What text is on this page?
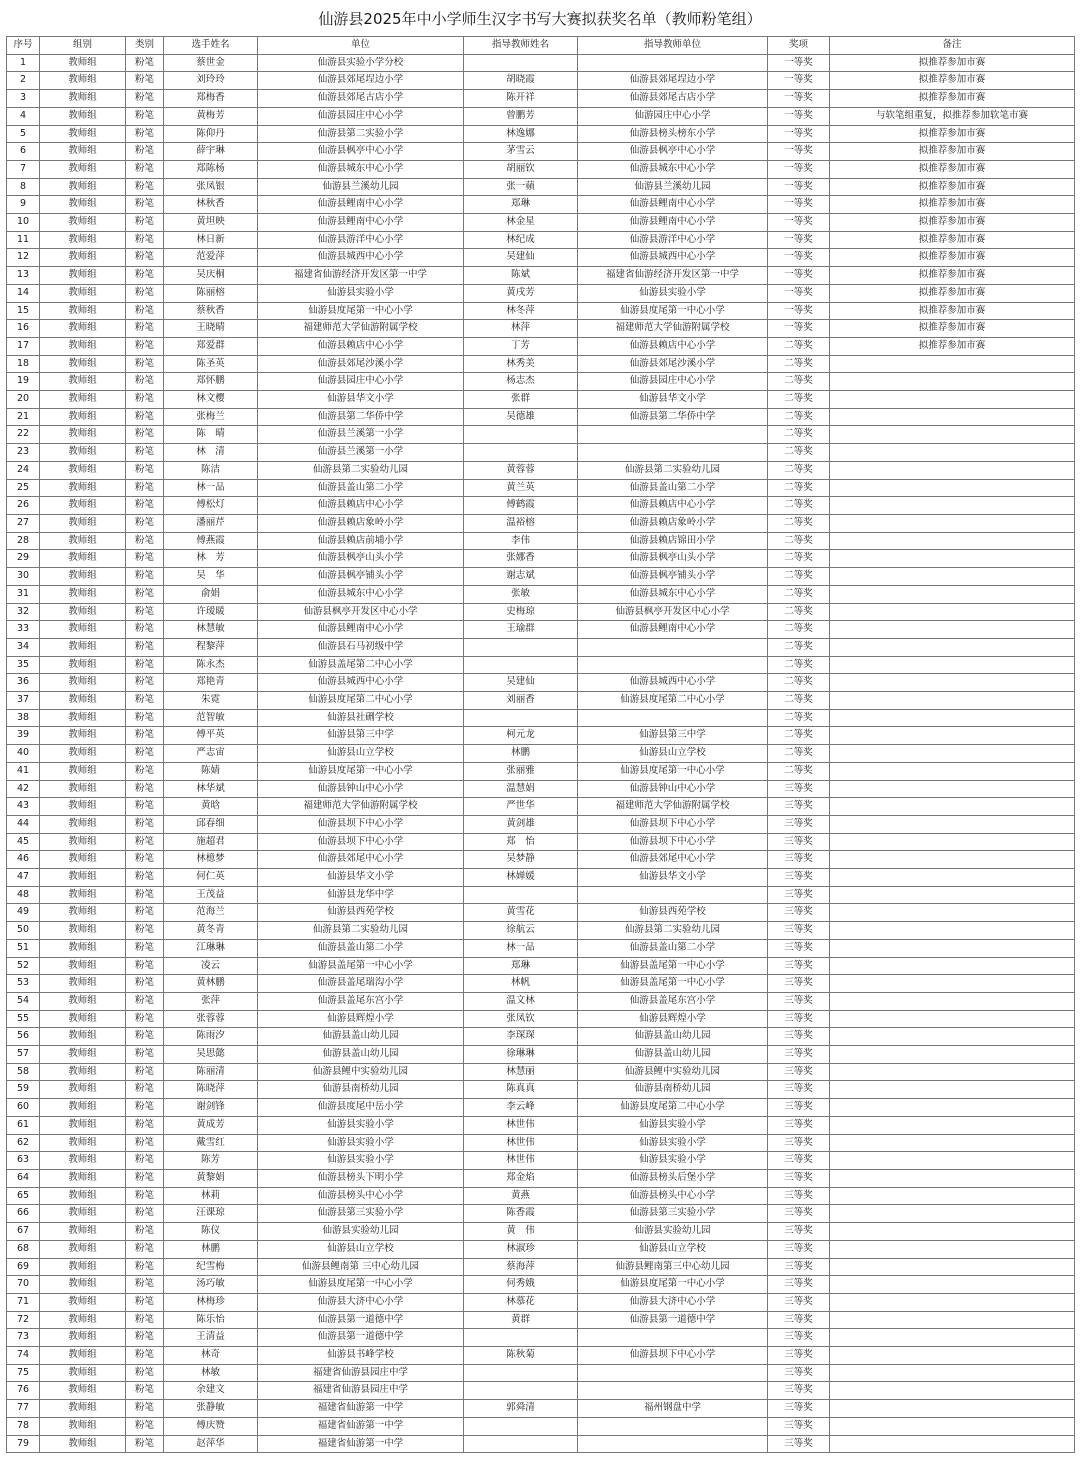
仙游县2025年中小学师生汉字书写大赛拟获奖名单（教师粉笔组）
序号	组别	类别	选手姓名	单位	指导教师姓名	指导教师单位	奖项	备注
1	教师组	粉笔	蔡世金	仙游县实验小学分校			一等奖	拟推荐参加市赛
2	教师组	粉笔	刘玲玲	仙游县郊尾埕边小学	胡晓霞	仙游县郊尾埕边小学	一等奖	拟推荐参加市赛
3	教师组	粉笔	郑梅香	仙游县郊尾古店小学	陈开祥	仙游县郊尾古店小学	一等奖	拟推荐参加市赛
4	教师组	粉笔	黄梅芳	仙游县园庄中心小学	曾鹏芳	仙游园庄中心小学	一等奖	与软笔组重复，拟推荐参加软笔市赛
5	教师组	粉笔	陈仰丹	仙游县第二实验小学	林逸娜	仙游县榜头榜东小学	一等奖	拟推荐参加市赛
6	教师组	粉笔	薛宇琳	仙游县枫亭中心小学	茅雪云	仙游县枫亭中心小学	一等奖	拟推荐参加市赛
7	教师组	粉笔	郑陈杨	仙游县城东中心小学	胡丽钦	仙游县城东中心小学	一等奖	拟推荐参加市赛
8	教师组	粉笔	张凤银	仙游县兰溪幼儿园	张一蘋	仙游县兰溪幼儿园	一等奖	拟推荐参加市赛
9	教师组	粉笔	林秋香	仙游县鲤南中心小学	郑琳	仙游县鲤南中心小学	一等奖	拟推荐参加市赛
10	教师组	粉笔	黄坦映	仙游县鲤南中心小学	林金星	仙游县鲤南中心小学	一等奖	拟推荐参加市赛
11	教师组	粉笔	林日新	仙游县游洋中心小学	林纪成	仙游县游洋中心小学	一等奖	拟推荐参加市赛
12	教师组	粉笔	范爱萍	仙游县城西中心小学	吴建仙	仙游县城西中心小学	一等奖	拟推荐参加市赛
13	教师组	粉笔	吴庆桐	福建省仙游经济开发区第一中学	陈斌	福建省仙游经济开发区第一中学	一等奖	拟推荐参加市赛
14	教师组	粉笔	陈丽榕	仙游县实验小学	黄戌芳	仙游县实验小学	一等奖	拟推荐参加市赛
15	教师组	粉笔	蔡秋香	仙游县度尾第一中心小学	林冬萍	仙游县度尾第一中心小学	一等奖	拟推荐参加市赛
16	教师组	粉笔	王晓晴	福建师范大学仙游附属学校	林萍	福建师范大学仙游附属学校	一等奖	拟推荐参加市赛
17	教师组	粉笔	郑爱群	仙游县赖店中心小学	丁芳	仙游县赖店中心小学	二等奖	拟推荐参加市赛
18	教师组	粉笔	陈圣英	仙游县郊尾沙溪小学	林秀美	仙游县郊尾沙溪小学	二等奖	
19	教师组	粉笔	郑怀鹏	仙游县园庄中心小学	杨志杰	仙游县园庄中心小学	二等奖	
20	教师组	粉笔	林文樱	仙游县华文小学	张群	仙游县华文小学	二等奖	
21	教师组	粉笔	张梅兰	仙游县第二华侨中学	吴德雄	仙游县第二华侨中学	二等奖	
22	教师组	粉笔	陈　晴	仙游县兰溪第一小学			二等奖	
23	教师组	粉笔	林　清	仙游县兰溪第一小学			二等奖	
24	教师组	粉笔	陈洁	仙游县第二实验幼儿园	黄蓉蓉	仙游县第二实验幼儿园	二等奖	
25	教师组	粉笔	林一品	仙游县盖山第二小学	黄兰英	仙游县盖山第二小学	二等奖	
26	教师组	粉笔	傅松灯	仙游县赖店中心小学	傅鹤霞	仙游县赖店中心小学	二等奖	
27	教师组	粉笔	潘丽芹	仙游县赖店象岭小学	温裕榕	仙游县赖店象岭小学	二等奖	
28	教师组	粉笔	傅燕霞	仙游县赖店前埔小学	李伟	仙游县赖店锦田小学	二等奖	
29	教师组	粉笔	林　芳	仙游县枫亭山头小学	张娜香	仙游县枫亭山头小学	二等奖	
30	教师组	粉笔	吴　华	仙游县枫亭铺头小学	谢志斌	仙游县枫亭铺头小学	二等奖	
31	教师组	粉笔	俞娟	仙游县城东中心小学	张敏	仙游县城东中心小学	二等奖	
32	教师组	粉笔	许瑷暖	仙游县枫亭开发区中心小学	史梅琼	仙游县枫亭开发区中心小学	二等奖	
33	教师组	粉笔	林慧敏	仙游县鲤南中心小学	王瑜群	仙游县鲤南中心小学	二等奖	
34	教师组	粉笔	程黎萍	仙游县石马初级中学			二等奖	
35	教师组	粉笔	陈永杰	仙游县盖尾第二中心小学			二等奖	
36	教师组	粉笔	郑艳青	仙游县城西中心小学	吴建仙	仙游县城西中心小学	二等奖	
37	教师组	粉笔	朱霓	仙游县度尾第二中心小学	刘丽香	仙游县度尾第二中心小学	二等奖	
38	教师组	粉笔	范智敏	仙游县社硎学校			二等奖	
39	教师组	粉笔	傅平英	仙游县第三中学	柯元龙	仙游县第三中学	二等奖	
40	教师组	粉笔	严志宙	仙游县山立学校	林鹏	仙游县山立学校	二等奖	
41	教师组	粉笔	陈婧	仙游县度尾第一中心小学	张丽雅	仙游县度尾第一中心小学	二等奖	
42	教师组	粉笔	林华斌	仙游县钟山中心小学	温慧娟	仙游县钟山中心小学	三等奖	
43	教师组	粉笔	黄晗	福建师范大学仙游附属学校	严世华	福建师范大学仙游附属学校	三等奖	
44	教师组	粉笔	邱春细	仙游县坝下中心小学	黄剑雄	仙游县坝下中心小学	三等奖	
45	教师组	粉笔	施超君	仙游县坝下中心小学	郑　怡	仙游县坝下中心小学	三等奖	
46	教师组	粉笔	林檍梦	仙游县郊尾中心小学	吴梦静	仙游县郊尾中心小学	三等奖	
47	教师组	粉笔	何仁英	仙游县华文小学	林婵媛	仙游县华文小学	三等奖	
48	教师组	粉笔	王茂益	仙游县龙华中学			三等奖	
49	教师组	粉笔	范海兰	仙游县西苑学校	黄雪花	仙游县西苑学校	三等奖	
50	教师组	粉笔	黄冬青	仙游县第二实验幼儿园	徐航云	仙游县第二实验幼儿园	三等奖	
51	教师组	粉笔	江琳琳	仙游县盖山第二小学	林一品	仙游县盖山第二小学	三等奖	
52	教师组	粉笔	凌云	仙游县盖尾第一中心小学	郑琳	仙游县盖尾第一中心小学	三等奖	
53	教师组	粉笔	黄林鹏	仙游县盖尾瑞沟小学	林帆	仙游县盖尾第一中心小学	三等奖	
54	教师组	粉笔	张萍	仙游县盖尾东宫小学	温文林	仙游县盖尾东宫小学	三等奖	
55	教师组	粉笔	张蓉蓉	仙游县辉煌小学	张凤钦	仙游县辉煌小学	三等奖	
56	教师组	粉笔	陈雨汐	仙游县盖山幼儿园	李琛琛	仙游县盖山幼儿园	三等奖	
57	教师组	粉笔	吴思懿	仙游县盖山幼儿园	徐琳琳	仙游县盖山幼儿园	三等奖	
58	教师组	粉笔	陈丽清	仙游县鲤中实验幼儿园	林慧丽	仙游县鲤中实验幼儿园	三等奖	
59	教师组	粉笔	陈晓萍	仙游县南桥幼儿园	陈真真	仙游县南桥幼儿园	三等奖	
60	教师组	粉笔	谢剑锋	仙游县度尾中岳小学	李云峰	仙游县度尾第二中心小学	三等奖	
61	教师组	粉笔	黄成芳	仙游县实验小学	林世伟	仙游县实验小学	三等奖	
62	教师组	粉笔	戴雪红	仙游县实验小学	林世伟	仙游县实验小学	三等奖	
63	教师组	粉笔	陈芳	仙游县实验小学	林世伟	仙游县实验小学	三等奖	
64	教师组	粉笔	黄黎娟	仙游县榜头下明小学	郑金焰	仙游县榜头后堡小学	三等奖	
65	教师组	粉笔	林莉	仙游县榜头中心小学	黄燕	仙游县榜头中心小学	三等奖	
66	教师组	粉笔	汪课琼	仙游县第三实验小学	陈香霞	仙游县第三实验小学	三等奖	
67	教师组	粉笔	陈仪	仙游县实验幼儿园	黄　伟	仙游县实验幼儿园	三等奖	
68	教师组	粉笔	林鹏	仙游县山立学校	林淑珍	仙游县山立学校	三等奖	
69	教师组	粉笔	纪雪梅	仙游县鲤南第 三中心幼儿园	蔡海萍	仙游县鲤南第三中心幼儿园	三等奖	
70	教师组	粉笔	汤巧敏	仙游县度尾第一中心小学	何秀娥	仙游县度尾第一中心小学	三等奖	
71	教师组	粉笔	林梅珍	仙游县大济中心小学	林慕花	仙游县大济中心小学	三等奖	
72	教师组	粉笔	陈乐怡	仙游县第一道德中学	黄群	仙游县第一道德中学	三等奖	
73	教师组	粉笔	王清益	仙游县第一道德中学			三等奖	
74	教师组	粉笔	林奇	仙游县书峰学校	陈秋菊	仙游县坝下中心小学	三等奖	
75	教师组	粉笔	林敏	福建省仙游县园庄中学			三等奖	
76	教师组	粉笔	余建文	福建省仙游县园庄中学			三等奖	
77	教师组	粉笔	张静敏	福建省仙游第一中学	郭舜清	福州钢盘中学	三等奖	
78	教师组	粉笔	傅庆赞	福建省仙游第一中学			三等奖	
79	教师组	粉笔	赵萍华	福建省仙游第一中学			三等奖	
